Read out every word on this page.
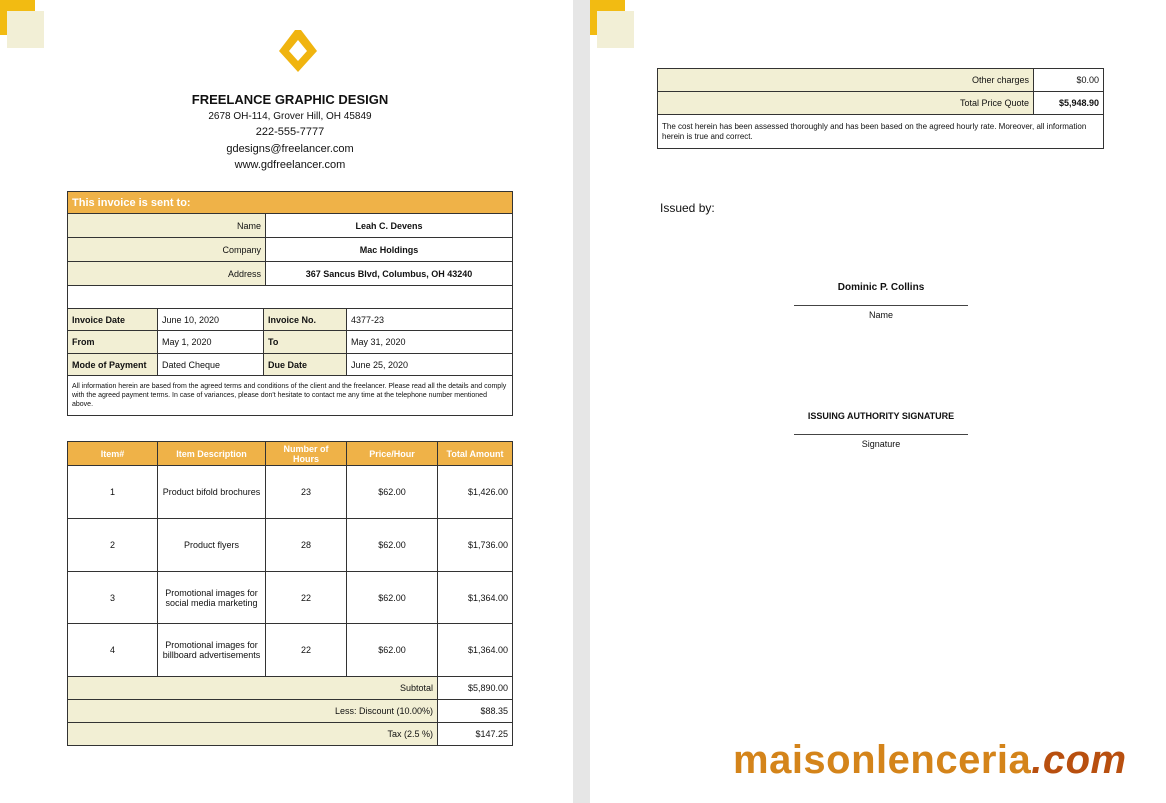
FREELANCE GRAPHIC DESIGN
2678 OH-114, Grover Hill, OH 45849
222-555-7777
gdesigns@freelancer.com
www.gdfreelancer.com
This invoice is sent to:	
Name	Leah C. Devens
Company	Mac Holdings
Address	367 Sancus Blvd, Columbus, OH 43240

Invoice Date	June 10, 2020	Invoice No.	4377-23
From	May 1, 2020	To	May 31, 2020
Mode of Payment	Dated Cheque	Due Date	June 25, 2020
All information herein are based from the agreed terms and conditions of the client and the freelancer. Please read all the details and comply with the agreed payment terms. In case of variances, please don't hesitate to contact me any time at the telephone number mentioned above.			
Item#	Item Description	Number of Hours	Price/Hour	Total Amount
1	Product bifold brochures	23	$62.00	$1,426.00
2	Product flyers	28	$62.00	$1,736.00
3	Promotional images for social media marketing	22	$62.00	$1,364.00
4	Promotional images for billboard advertisements	22	$62.00	$1,364.00
Subtotal				$5,890.00
Less: Discount (10.00%)				$88.35
Tax (2.5 %)				$147.25
Other charges	$0.00
Total Price Quote	$5,948.90
The cost herein has been assessed thoroughly and has been based on the agreed hourly rate. Moreover, all information herein is true and correct.	
Issued by:
Dominic P. Collins
Name
ISSUING AUTHORITY SIGNATURE
Signature
maisonlenceria.com
